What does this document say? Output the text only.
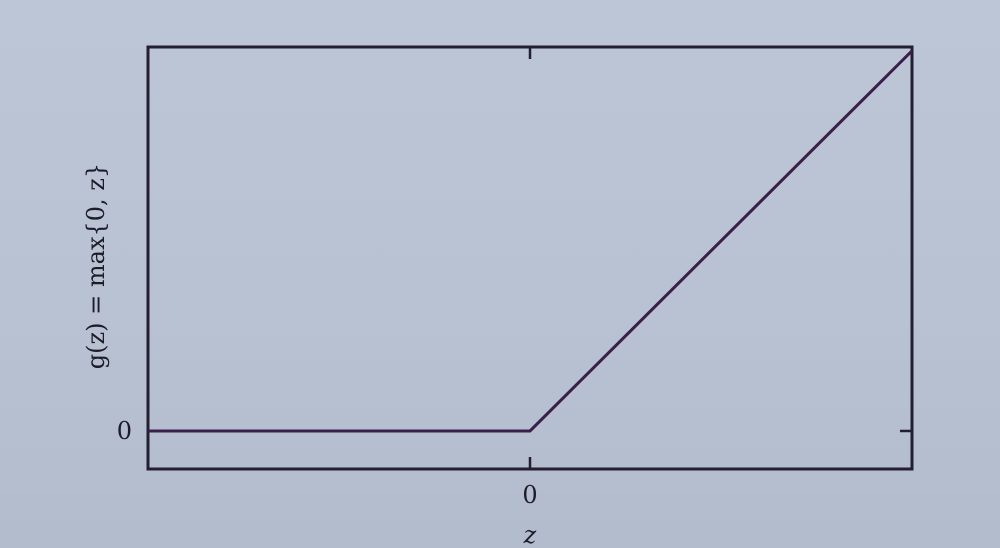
0
0
z
g(z) = max{0, z}
